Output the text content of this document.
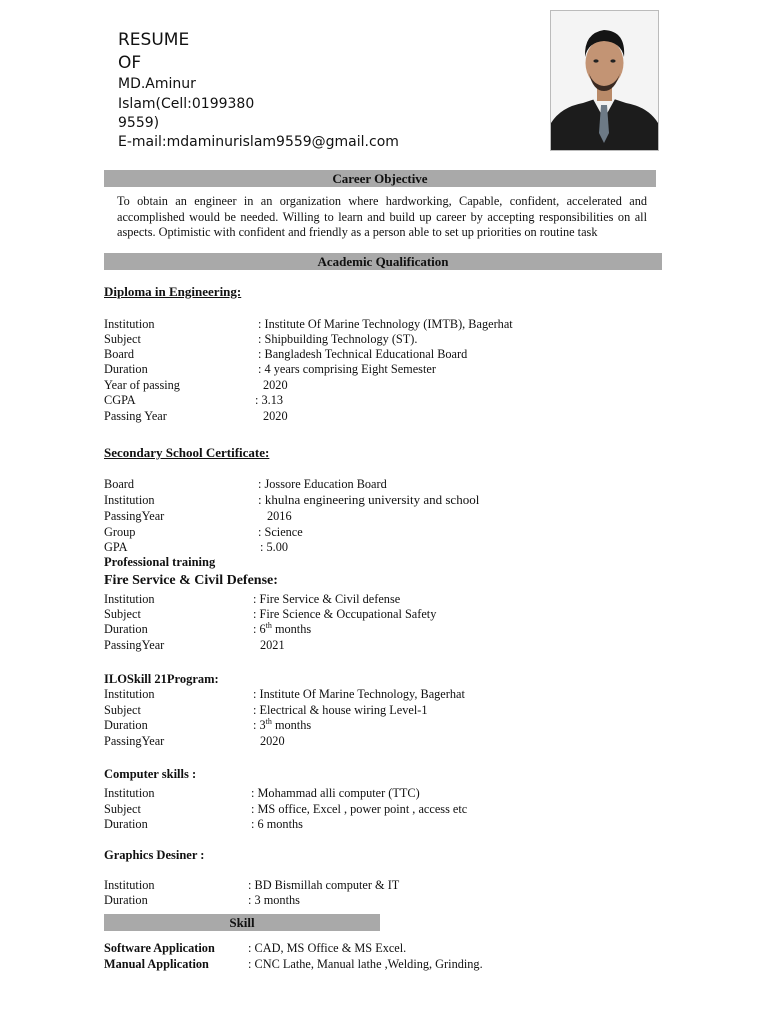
RESUME
OF
MD.Aminur Islam(Cell:0199380 9559)
E-mail:mdaminurislam9559@gmail.com
Career Objective
To obtain an engineer in an organization where hardworking, Capable, confident, accelerated and accomplished would be needed. Willing to learn and build up career by accepting responsibilities on all aspects. Optimistic with confident and friendly as a person able to set up priorities on routine task
Academic Qualification
Diploma in Engineering:
Institution	: Institute Of Marine Technology (IMTB), Bagerhat
Subject	: Shipbuilding Technology (ST).
Board	: Bangladesh Technical Educational Board
Duration	: 4 years comprising Eight Semester
Year of passing	2020
CGPA	: 3.13
Passing Year	2020
Secondary School Certificate:
Board	: Jossore Education Board
Institution	: khulna engineering university and school
PassingYear	2016
Group	: Science
GPA	: 5.00
Professional training
Fire Service & Civil Defense:
Institution	: Fire Service & Civil defense
Subject	: Fire Science & Occupational Safety
Duration	: 6th months
PassingYear	2021
ILOSkill 21Program:
Institution	: Institute Of Marine Technology, Bagerhat
Subject	: Electrical & house wiring Level-1
Duration	: 3th months
PassingYear	2020
Computer skills :
Institution	: Mohammad alli computer (TTC)
Subject	: MS office, Excel , power point , access etc
Duration	: 6 months
Graphics Desiner :
Institution	: BD Bismillah computer & IT
Duration	: 3 months
Skill
Software Application	: CAD, MS Office & MS Excel.
Manual Application	: CNC Lathe, Manual lathe ,Welding, Grinding.
